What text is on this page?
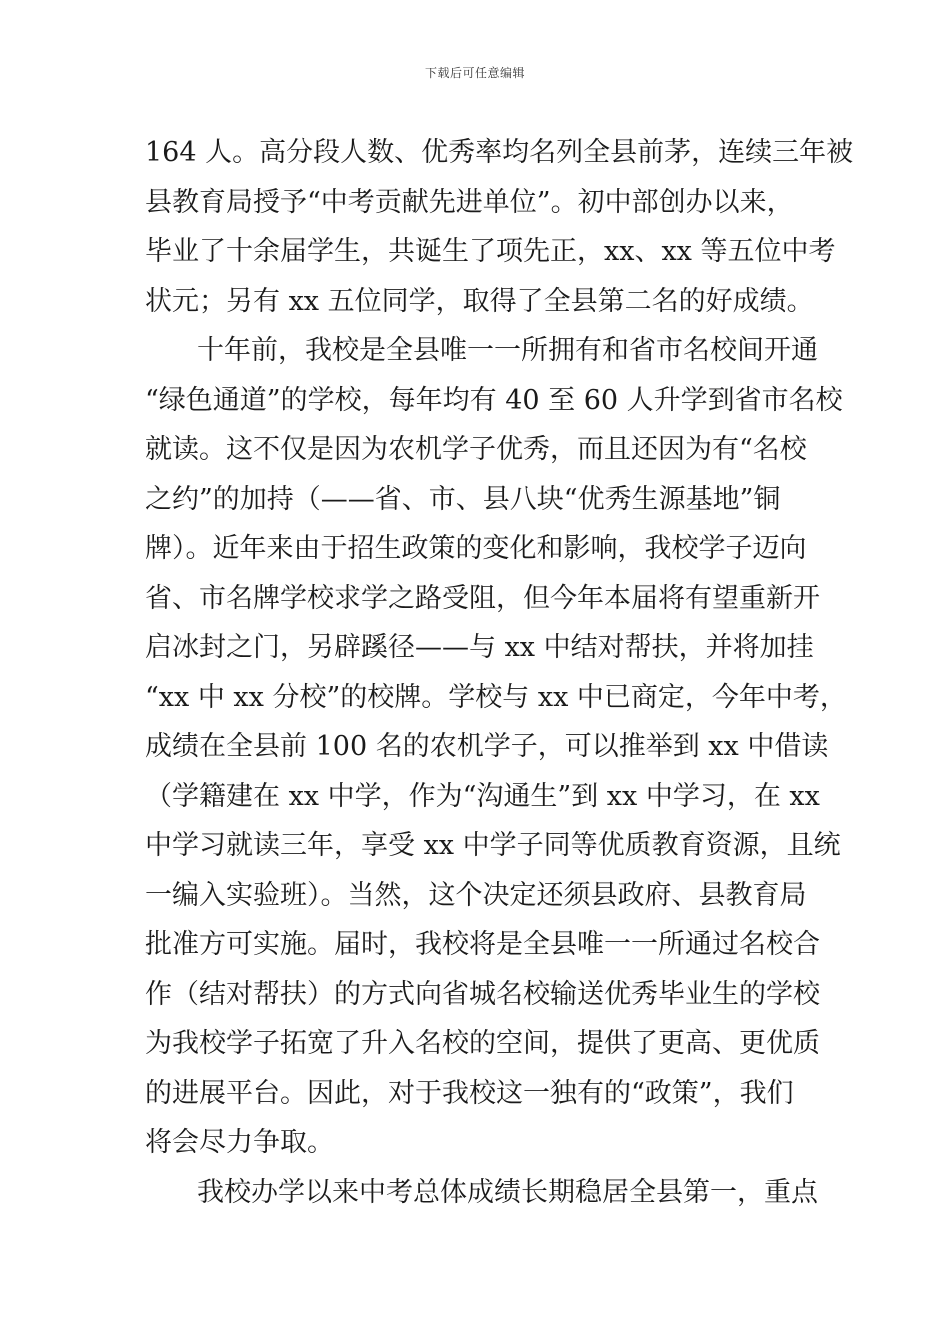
下载后可任意编辑
164 人。高分段人数、优秀率均名列全县前茅，连续三年被
县教育局授予“中考贡献先进单位”。初中部创办以来，
毕业了十余届学生，共诞生了项先正，xx、xx 等五位中考
状元；另有 xx 五位同学，取得了全县第二名的好成绩。
十年前，我校是全县唯一一所拥有和省市名校间开通
“绿色通道”的学校，每年均有 40 至 60 人升学到省市名校
就读。这不仅是因为农机学子优秀，而且还因为有“名校
之约”的加持（——省、市、县八块“优秀生源基地”铜
牌）。近年来由于招生政策的变化和影响，我校学子迈向
省、市名牌学校求学之路受阻，但今年本届将有望重新开
启冰封之门，另辟蹊径——与 xx 中结对帮扶，并将加挂
“xx 中 xx 分校”的校牌。学校与 xx 中已商定，今年中考，
成绩在全县前 100 名的农机学子，可以推举到 xx 中借读
（学籍建在 xx 中学，作为“沟通生”到 xx 中学习，在 xx
中学习就读三年，享受 xx 中学子同等优质教育资源，且统
一编入实验班）。当然，这个决定还须县政府、县教育局
批准方可实施。届时，我校将是全县唯一一所通过名校合
作（结对帮扶）的方式向省城名校输送优秀毕业生的学校
为我校学子拓宽了升入名校的空间，提供了更高、更优质
的进展平台。因此，对于我校这一独有的“政策”，我们
将会尽力争取。
我校办学以来中考总体成绩长期稳居全县第一，重点
